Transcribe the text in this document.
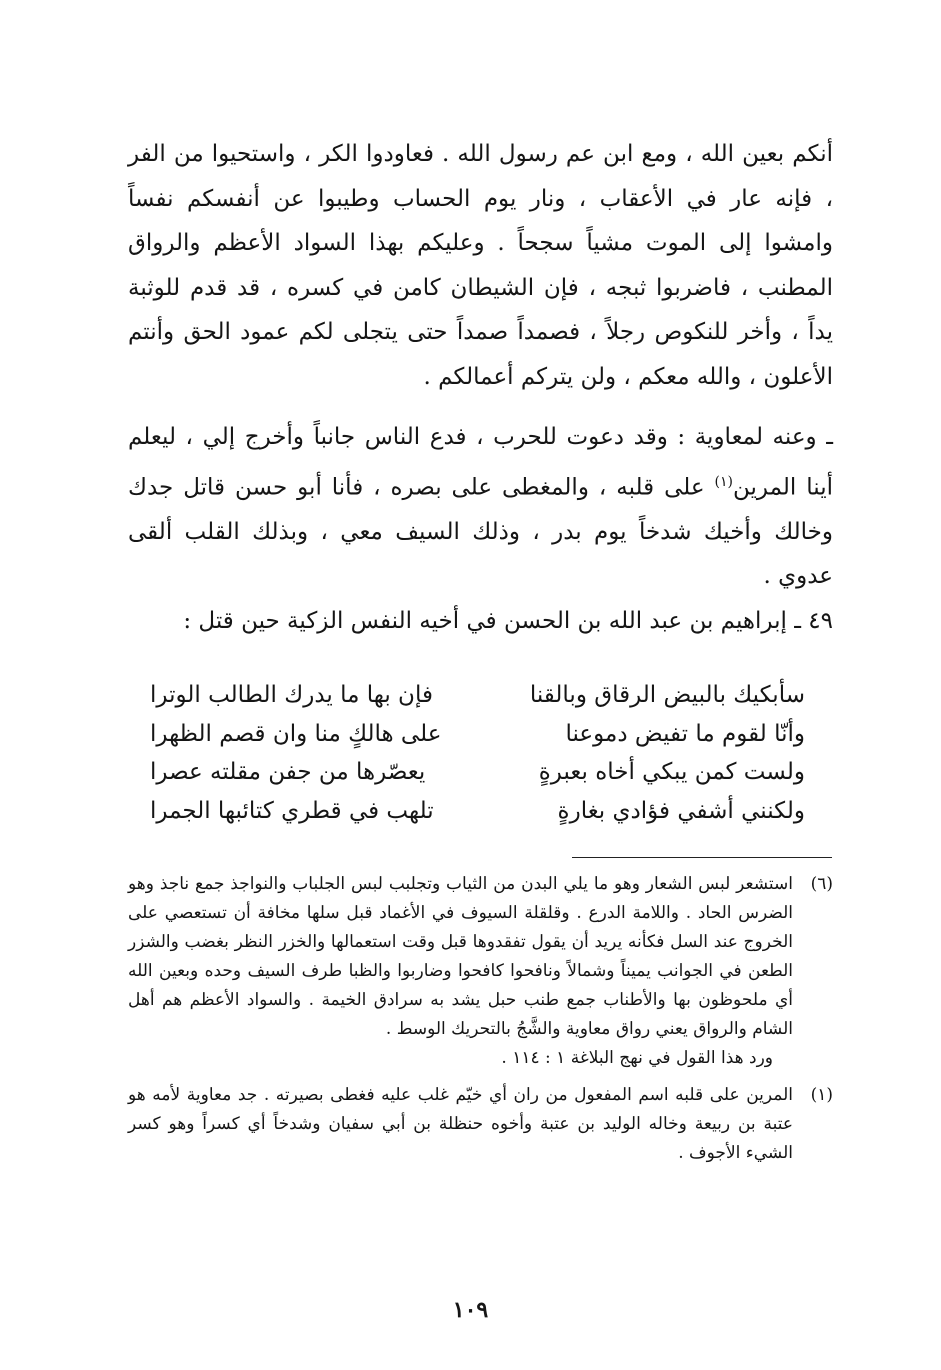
أنكم بعين الله ، ومع ابن عم رسول الله . فعاودوا الكر ، واستحيوا من الفر ، فإنه عار في الأعقاب ، ونار يوم الحساب وطيبوا عن أنفسكم نفساً وامشوا إلى الموت مشياً سجحاً . وعليكم بهذا السواد الأعظم والرواق المطنب ، فاضربوا ثبجه ، فإن الشيطان كامن في كسره ، قد قدم للوثبة يداً ، وأخر للنكوص رجلاً ، فصمداً صمداً حتى يتجلى لكم عمود الحق وأنتم الأعلون ، والله معكم ، ولن يتركم أعمالكم .

ـ وعنه لمعاوية : وقد دعوت للحرب ، فدع الناس جانباً وأخرج إلي ، ليعلم أينا المرين$^{(١)}$ على قلبه ، والمغطى على بصره ، فأنا أبو حسن قاتل جدك وخالك وأخيك شدخاً يوم بدر ، وذلك السيف معي ، وبذلك القلب ألقى عدوي .

٤٩ ـ إبراهيم بن عبد الله بن الحسن في أخيه النفس الزكية حين قتل :

سأبكيك بالبيض الرقاق وبالقنا
فإن بها ما يدرك الطالب الوترا
وأنّا لقوم ما تفيض دموعنا
على هالكٍ منا وان قصم الظهرا
ولست كمن يبكي أخاه بعبرةٍ
يعصّرها من جفن مقلته عصرا
ولكنني أشفي فؤادي بغارةٍ
تلهب في قطري كتائبها الجمرا
(٦)
استشعر لبس الشعار وهو ما يلي البدن من الثياب وتجلبب لبس الجلباب والنواجذ جمع ناجذ وهو الضرس الحاد . واللامة الدرع . وقلقلة السيوف في الأغماد قبل سلها مخافة أن تستعصي على الخروج عند السل فكأنه يريد أن يقول تفقدوها قبل وقت استعمالها والخزر النظر بغضب والشزر الطعن في الجوانب يميناً وشمالاً ونافحوا كافحوا وضاربوا والظبا طرف السيف وحده وبعين الله أي ملحوظون بها والأطناب جمع طنب حبل يشد به سرادق الخيمة . والسواد الأعظم هم أهل الشام والرواق يعني رواق معاوية والشَّجُ بالتحريك الوسط .
ورد هذا القول في نهج البلاغة ١ : ١١٤ .
(١)
المرين على قلبه اسم المفعول من ران أي خيّم غلب عليه فغطى بصيرته . جد معاوية لأمه هو عتبة بن ربيعة وخاله الوليد بن عتبة وأخوه حنظلة بن أبي سفيان وشدخاً أي كسراً وهو كسر الشيء الأجوف .
١٠٩
